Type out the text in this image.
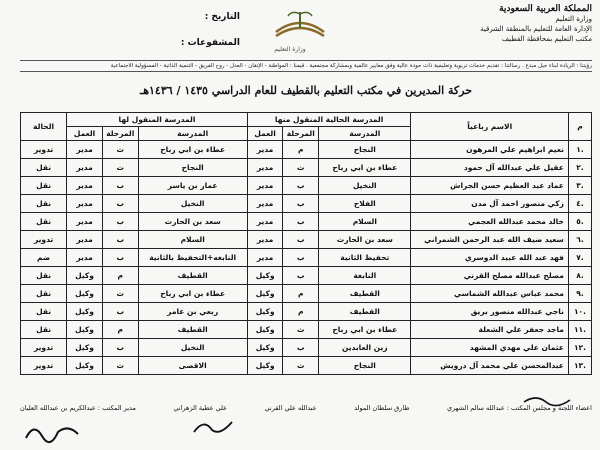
المملكة العربية السعودية
وزارة التعليم
الإدارة العامة للتعليم بالمنطقة الشرقية
مكتب التعليم بمحافظة القطيف
التاريخ :
المشفوعات :
وزارة التعليم
رؤيتنا : الريادة لبناء جيل مبدع . رسالتنا : تقديم خدمات تربوية وتعليمية ذات جودة عالية وفق معايير عالمية وبمشاركة مجتمعية . قيمنا : المواطنة - الإتقان - العدل - روح الفريق - التنمية الذاتية - المسؤولية الاجتماعية
حركة المديرين في مكتب التعليم بالقطيف للعام الدراسي ١٤٣٥ / ١٤٣٦هـ
م	الاسم رباعياً	المدرسة الحالية المنقول منها			المدرسة المنقول لها			الحالة
		المدرسة	المرحلة	العمل	المدرسة	المرحلة	العمل	
.١	نعيم ابراهيم علي المرهون	النجاح	م	مدير	عطاء بن ابي رباح	ث	مدير	تدوير
.٢	عقيل علي عبدالله آل حمود	عطاء بن ابي رباح	ث	مدير	النجاح	ث	مدير	نقل
.٣	عماد عبد العظيم حسن الجراش	النخيل	ب	مدير	عمار بن ياسر	ب	مدير	نقل
.٤	زكي منصور احمد آل مدن	الفلاح	ب	مدير	النخيل	ب	مدير	نقل
.٥	خالد محمد عبدالله العجمي	السلام	ب	مدير	سعد بن الحارث	ب	مدير	نقل
.٦	سعيد ضيف الله عبد الرحمن الشمراني	سعد بن الحارث	ب	مدير	السلام	ب	مدير	تدوير
.٧	فهد عبد الله عبيد الدوسري	تحفيظ الثانية	ب	مدير	النابغه+التحفيظ بالثانية	ب	مدير	ضم
.٨	مصلح عبدالله مصلح القرني	النابغة	ب	وكيل	القطيف	م	وكيل	نقل
.٩	محمد عباس عبدالله الشماسي	القطيف	م	وكيل	عطاء بن ابي رباح	ث	وكيل	نقل
.١٠	ناجي عبدالله منصور بريق	القطيف	م	وكيل	ربعي بن عامر	ب	وكيل	نقل
.١١	ماجد جعفر علي الشعلة	عطاء بن ابي رباح	ث	وكيل	القطيف	م	وكيل	نقل
.١٢	عثمان علي مهدي المشهد	زين العابدين	ب	وكيل	النخيل	ب	وكيل	تدوير
.١٣	عبدالمحسن علي محمد آل درويش	النجاح	ث	وكيل	الاقصى	ث	وكيل	تدوير
اعضاء اللجنة و مجلس المكتب : عبدالله سالم الشهري
طارق سلطان المولد
عبدالله علي القرني
علي عطية الزهراني
مدير المكتب : عبدالكريم بن عبدالله العليان
